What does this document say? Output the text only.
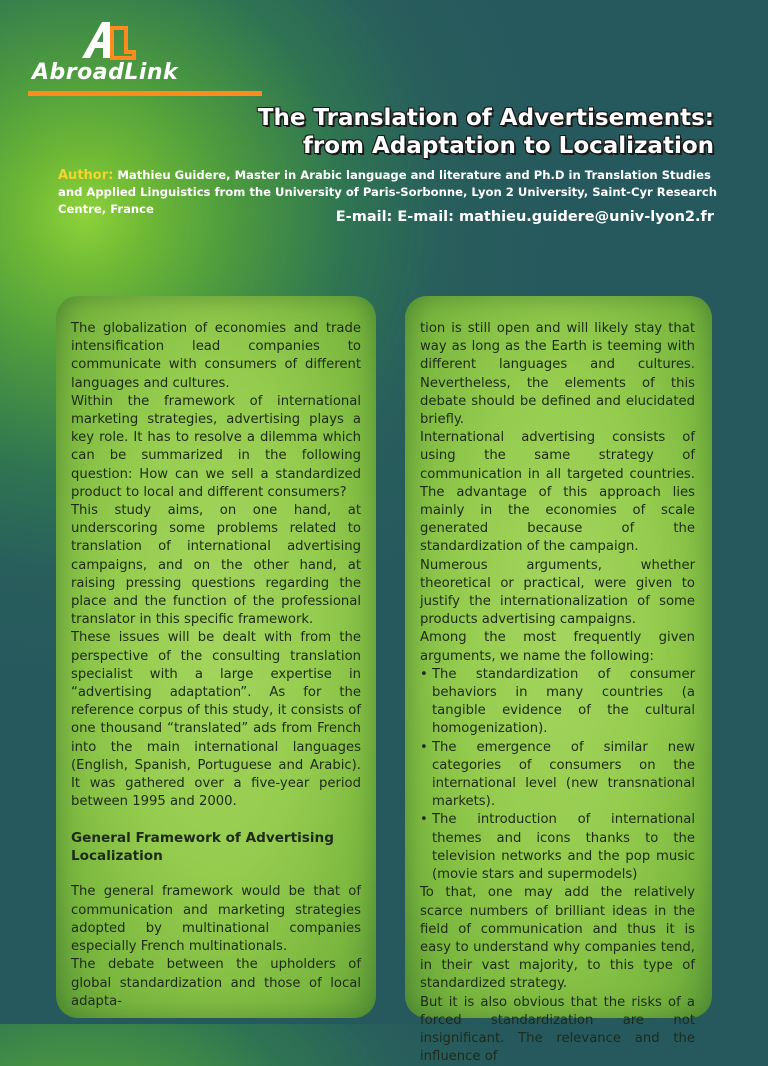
AbroadLink
The Translation of Advertisements:
from Adaptation to Localization
Author: Mathieu Guidere, Master in Arabic language and literature and Ph.D in Translation Studies and Applied Linguistics from the University of Paris-Sorbonne, Lyon 2 University, Saint-Cyr Research Centre, France	E-mail: E-mail: mathieu.guidere@univ-lyon2.fr

The globalization of economies and trade intensification lead companies to communicate with consumers of different languages and cultures.

Within the framework of international marketing strategies, advertising plays a key role. It has to resolve a dilemma which can be summarized in the following question: How can we sell a standardized product to local and different consumers?

This study aims, on one hand, at underscoring some problems related to translation of international advertising campaigns, and on the other hand, at raising pressing questions regarding the place and the function of the professional translator in this specific framework.

These issues will be dealt with from the perspective of the consulting translation specialist with a large expertise in “advertising adaptation”. As for the reference corpus of this study, it consists of one thousand “translated” ads from French into the main international languages (English, Spanish, Portuguese and Arabic). It was gathered over a five-year period between 1995 and 2000.

General Framework of Advertising Localization

The general framework would be that of communication and marketing strategies adopted by multinational companies especially French multinationals.

The debate between the upholders of global standardization and those of local adapta-

tion is still open and will likely stay that way as long as the Earth is teeming with different languages and cultures. Nevertheless, the elements of this debate should be defined and elucidated briefly.

International advertising consists of using the same strategy of communication in all targeted countries. The advantage of this approach lies mainly in the economies of scale generated because of the standardization of the campaign.

Numerous arguments, whether theoretical or practical, were given to justify the internationalization of some products advertising campaigns.

Among the most frequently given arguments, we name the following:

• The standardization of consumer behaviors in many countries (a tangible evidence of the cultural homogenization).
• The emergence of similar new categories of consumers on the international level (new transnational markets).
• The introduction of international themes and icons thanks to the television networks and the pop music (movie stars and supermodels)

To that, one may add the relatively scarce numbers of brilliant ideas in the field of communication and thus it is easy to understand why companies tend, in their vast majority, to this type of standardized strategy.

But it is also obvious that the risks of a forced standardization are not insignificant. The relevance and the influence of
